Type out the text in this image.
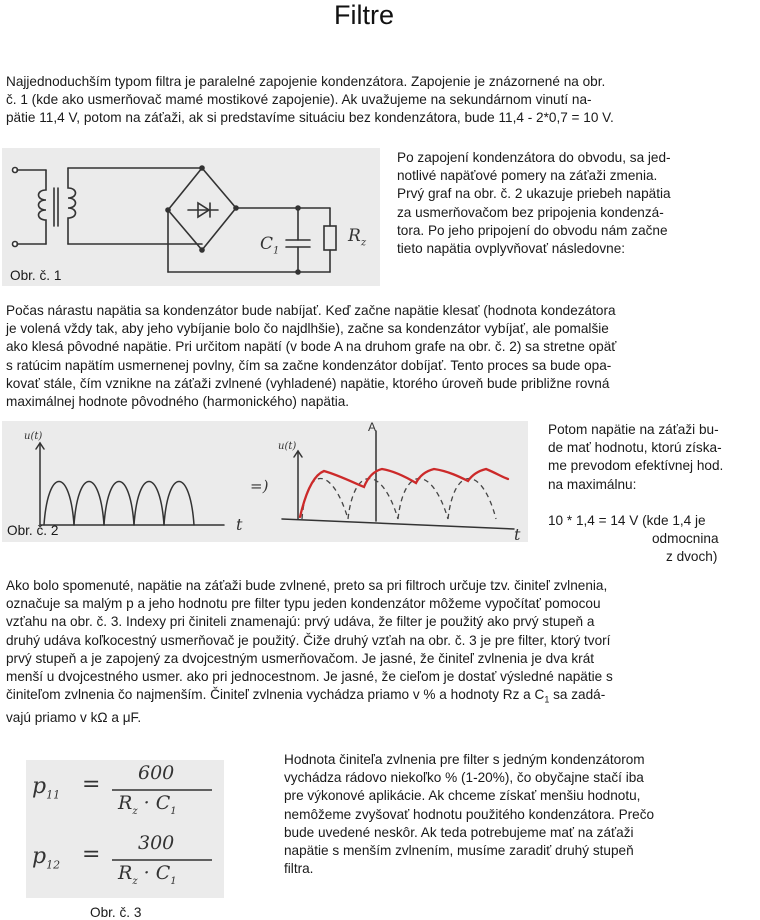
Filtre

Najjednoduchším typom filtra je paralelné zapojenie kondenzátora. Zapojenie je znázornené na obr.

č. 1 (kde ako usmerňovač mamé mostikové zapojenie). Ak uvažujeme na sekundárnom vinutí na-

pätie 11,4 V, potom na záťaži, ak si predstavíme situáciu bez kondenzátora, bude 11,4 - 2*0,7 = 10 V.

$C_1$
$R_z$
Obr. č. 1

Po zapojení kondenzátora do obvodu, sa jed-

notlivé napäťové pomery na záťaži zmenia.

Prvý graf na obr. č. 2 ukazuje priebeh napätia

za usmerňovačom bez pripojenia kondenzá-

tora. Po jeho pripojení do obvodu nám začne

tieto napätia ovplyvňovať následovne:

Počas nárastu napätia sa kondenzátor bude nabíjať. Keď začne napätie klesať (hodnota kondezátora

je volená vždy tak, aby jeho vybíjanie bolo čo najdlhšie), začne sa kondenzátor vybíjať, ale pomalšie

ako klesá pôvodné napätie. Pri určitom napätí (v bode A na druhom grafe na obr. č. 2) sa stretne opäť

s ratúcim napätím usmernenej povlny, čím sa začne kondenzátor dobíjať. Tento proces sa bude opa-

kovať stále, čím vznikne na záťaži zvlnené (vyhladené) napätie, ktorého úroveň bude približne rovná

maximálnej hodnote pôvodného (harmonického) napätia.

u(t)
t
=)
u(t)
A
t
Obr. č. 2

Potom napätie na záťaži bu-

de mať hodnotu, ktorú získa-

me prevodom efektívnej hod.

na maximálnu:

10 * 1,4 = 14 V (kde 1,4 je

odmocnina

z dvoch)

Ako bolo spomenuté, napätie na záťaži bude zvlnené, preto sa pri filtroch určuje tzv. činiteľ zvlnenia,

označuje sa malým p a jeho hodnotu pre filter typu jeden kondenzátor môžeme vypočítať pomocou

vzťahu na obr. č. 3. Indexy pri činiteli znamenajú: prvý udáva, že filter je použitý ako prvý stupeň a

druhý udáva koľkocestný usmerňovač je použitý. Čiže druhý vzťah na obr. č. 3 je pre filter, ktorý tvorí

prvý stupeň a je zapojený za dvojcestným usmerňovačom. Je jasné, že činiteľ zvlnenia je dva krát

menší u dvojcestného usmer. ako pri jednocestnom. Je jasné, že cieľom je dostať výsledné napätie s

činiteľom zvlnenia čo najmenším. Činiteľ zvlnenia vychádza priamo v % a hodnoty Rz a $C_1$ sa zadá-

vajú priamo v kΩ a μF.

$p_{11} = 600$
$R_z \cdot C_1$
$p_{12} = 300$
$R_z \cdot C_1$
Obr. č. 3

Hodnota činiteľa zvlnenia pre filter s jedným kondenzátorom

vychádza rádovo niekoľko % (1-20%), čo obyčajne stačí iba

pre výkonové aplikácie. Ak chceme získať menšiu hodnotu,

nemôžeme zvyšovať hodnotu použitého kondenzátora. Prečo

bude uvedené neskôr. Ak teda potrebujeme mať na záťaži

napätie s menším zvlnením, musíme zaradiť druhý stupeň

filtra.
